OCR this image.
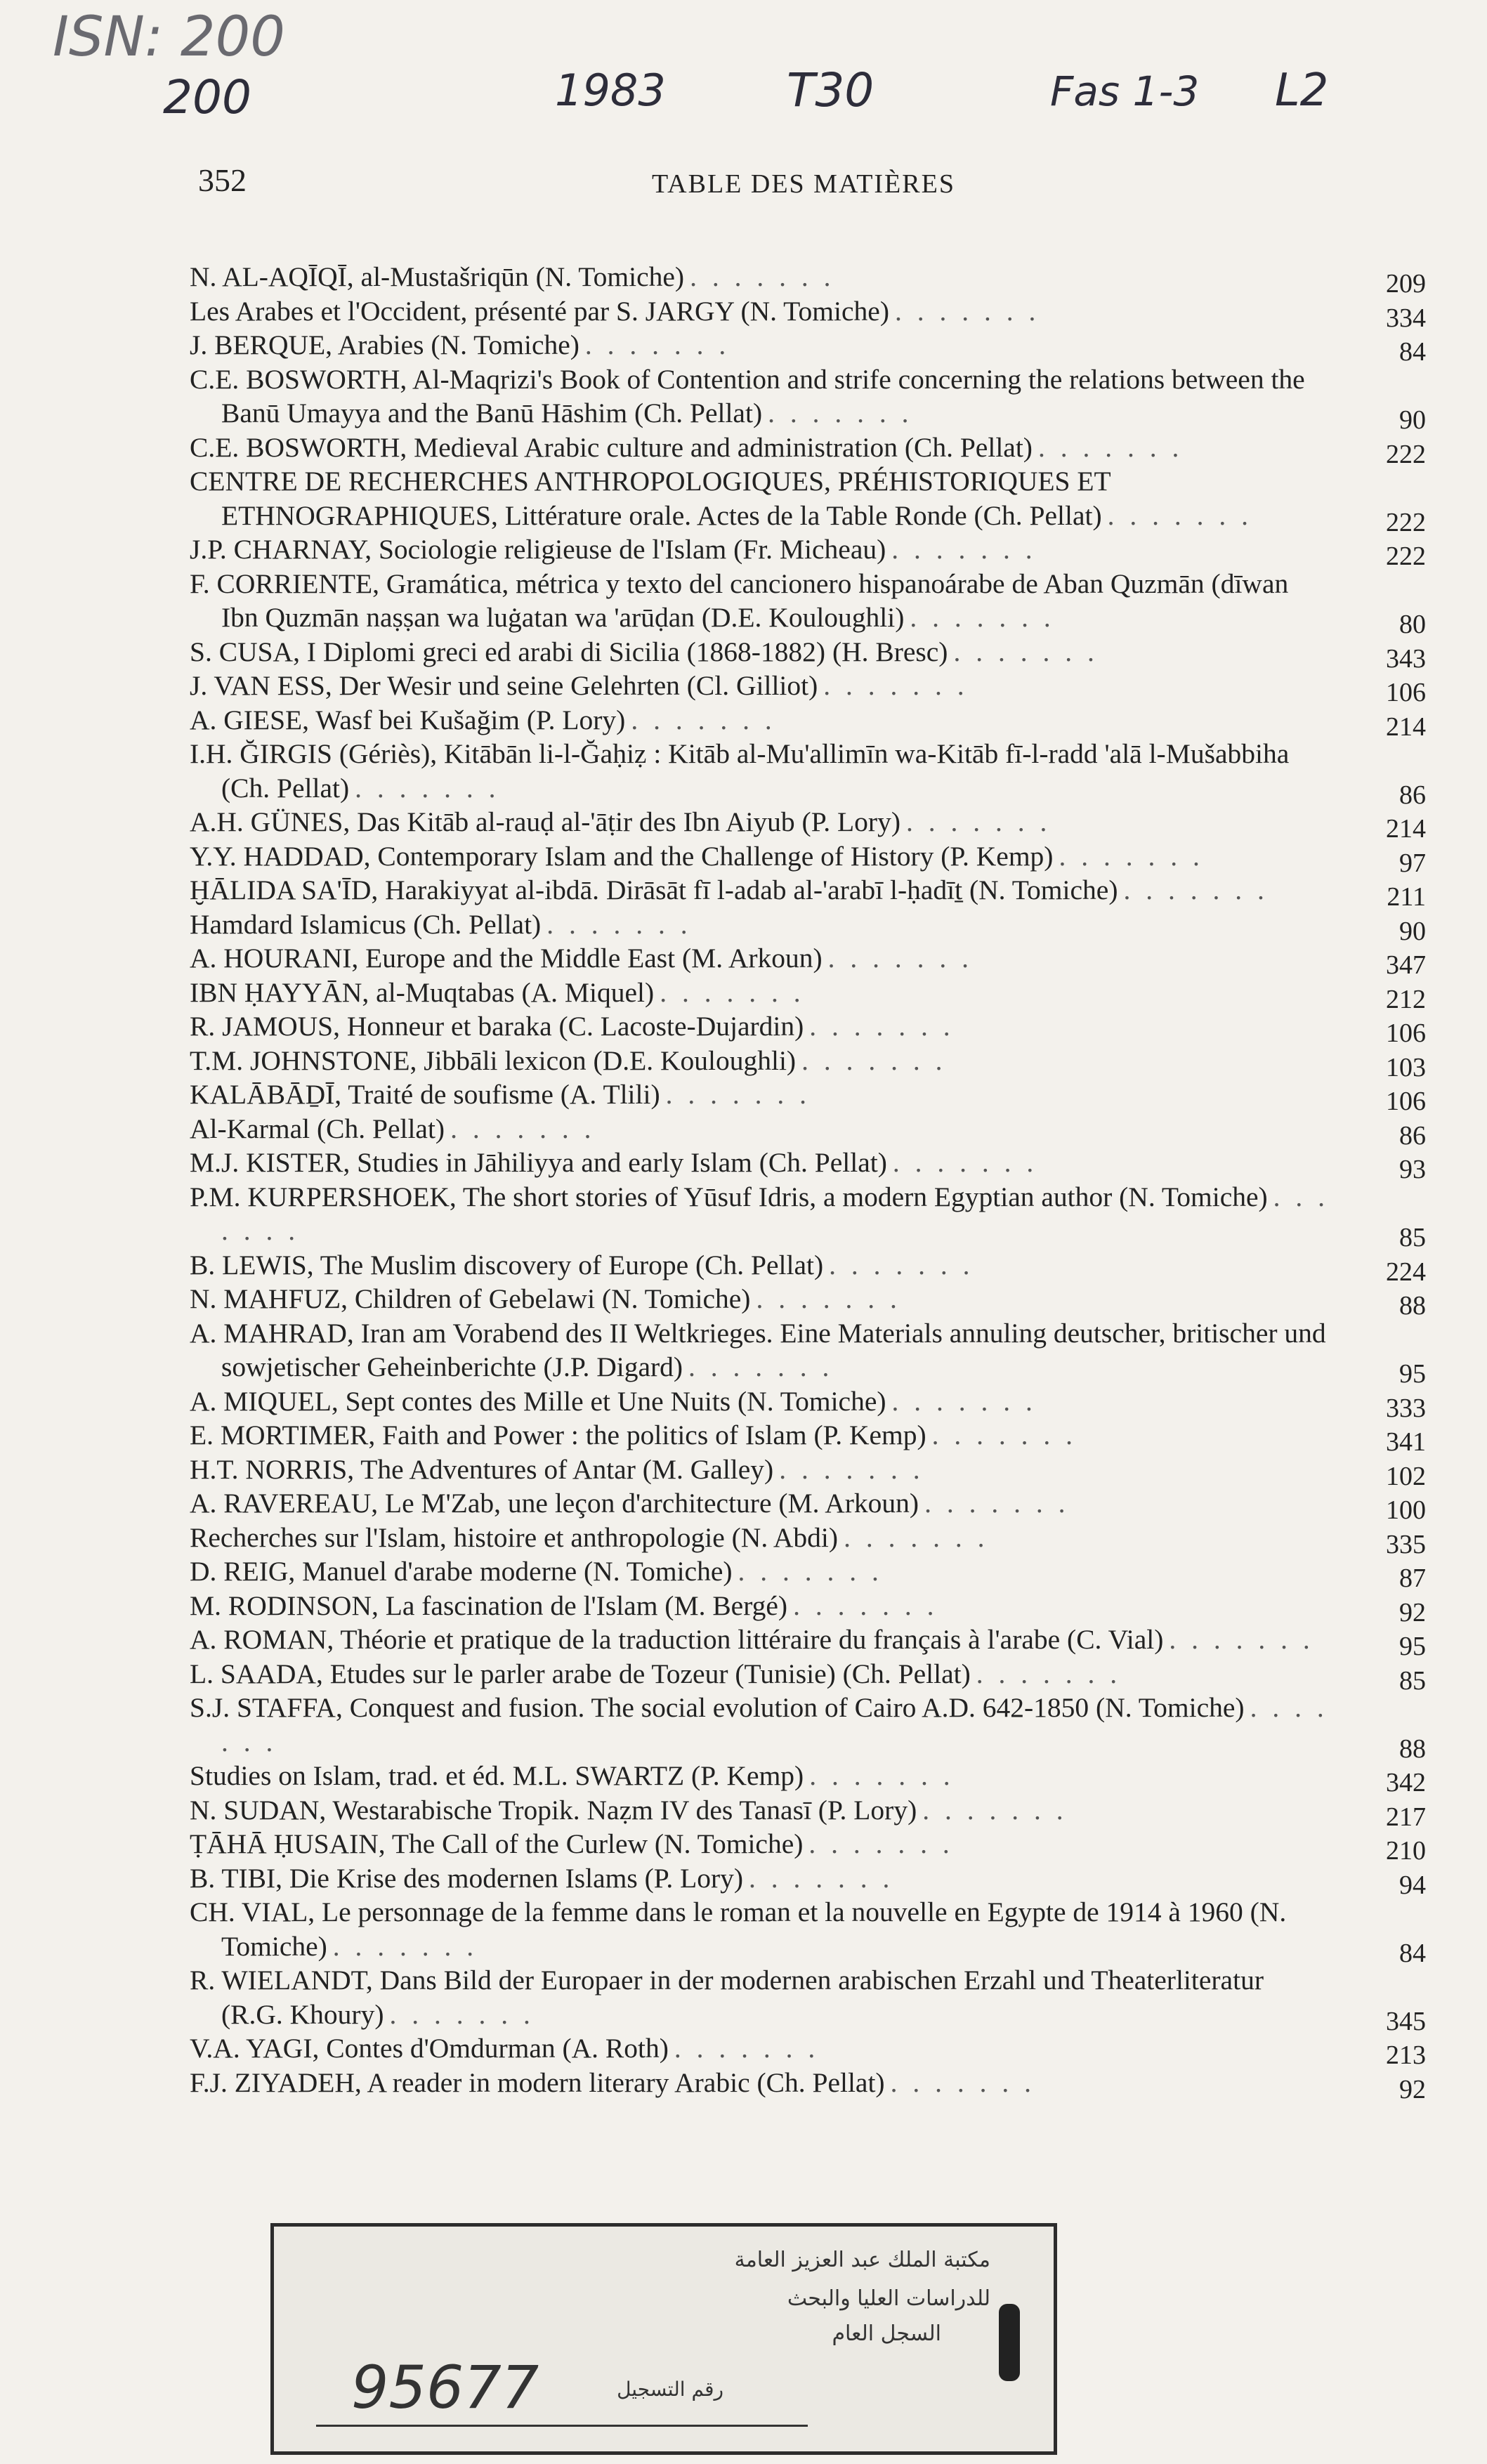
ISN: 200
200	1983	T30	Fas 1-3 L2
352	TABLE DES MATIÈRES
N. AL-AQĪQĪ, al-Mustašriqūn (N. Tomiche) . . . . . . .	209
Les Arabes et l'Occident, présenté par S. JARGY (N. Tomiche) . . . . . . .	334
J. BERQUE, Arabies (N. Tomiche) . . . . . . .	84
C.E. BOSWORTH, Al-Maqrizi's Book of Contention and strife concerning the relations between the Banū Umayya and the Banū Hāshim (Ch. Pellat) . . . . . . .	90
C.E. BOSWORTH, Medieval Arabic culture and administration (Ch. Pellat) . . . . . . .	222
CENTRE DE RECHERCHES ANTHROPOLOGIQUES, PRÉHISTORIQUES ET ETHNOGRAPHIQUES, Littérature orale. Actes de la Table Ronde (Ch. Pellat) . . . . . . .	222
J.P. CHARNAY, Sociologie religieuse de l'Islam (Fr. Micheau) . . . . . . .	222
F. CORRIENTE, Gramática, métrica y texto del cancionero hispanoárabe de Aban Quzmān (dīwan Ibn Quzmān naṣṣan wa luġatan wa 'arūḍan (D.E. Kouloughli) . . . . . . .	80
S. CUSA, I Diplomi greci ed arabi di Sicilia (1868-1882) (H. Bresc) . . . . . . .	343
J. VAN ESS, Der Wesir und seine Gelehrten (Cl. Gilliot) . . . . . . .	106
A. GIESE, Wasf bei Kušağim (P. Lory) . . . . . . .	214
I.H. ĞIRGIS (Gériès), Kitābān li-l-Ğaḥiẓ : Kitāb al-Mu'allimīn wa-Kitāb fī-l-radd 'alā l-Mušabbiha (Ch. Pellat) . . . . . . .	86
A.H. GÜNES, Das Kitāb al-rauḍ al-'āṭir des Ibn Aiyub (P. Lory) . . . . . . .	214
Y.Y. HADDAD, Contemporary Islam and the Challenge of History (P. Kemp) . . . . . . .	97
ḪĀLIDA SA'ĪD, Harakiyyat al-ibdā. Dirāsāt fī l-adab al-'arabī l-ḥadīṯ (N. Tomiche) . . . . . . .	211
Hamdard Islamicus (Ch. Pellat) . . . . . . .	90
A. HOURANI, Europe and the Middle East (M. Arkoun) . . . . . . .	347
IBN ḤAYYĀN, al-Muqtabas (A. Miquel) . . . . . . .	212
R. JAMOUS, Honneur et baraka (C. Lacoste-Dujardin) . . . . . . .	106
T.M. JOHNSTONE, Jibbāli lexicon (D.E. Kouloughli) . . . . . . .	103
KALĀBĀḎĪ, Traité de soufisme (A. Tlili) . . . . . . .	106
Al-Karmal (Ch. Pellat) . . . . . . .	86
M.J. KISTER, Studies in Jāhiliyya and early Islam (Ch. Pellat) . . . . . . .	93
P.M. KURPERSHOEK, The short stories of Yūsuf Idris, a modern Egyptian author (N. Tomiche) . . . . . . .	85
B. LEWIS, The Muslim discovery of Europe (Ch. Pellat) . . . . . . .	224
N. MAHFUZ, Children of Gebelawi (N. Tomiche) . . . . . . .	88
A. MAHRAD, Iran am Vorabend des II Weltkrieges. Eine Materials annuling deutscher, britischer und sowjetischer Geheinberichte (J.P. Digard) . . . . . . .	95
A. MIQUEL, Sept contes des Mille et Une Nuits (N. Tomiche) . . . . . . .	333
E. MORTIMER, Faith and Power : the politics of Islam (P. Kemp) . . . . . . .	341
H.T. NORRIS, The Adventures of Antar (M. Galley) . . . . . . .	102
A. RAVEREAU, Le M'Zab, une leçon d'architecture (M. Arkoun) . . . . . . .	100
Recherches sur l'Islam, histoire et anthropologie (N. Abdi) . . . . . . .	335
D. REIG, Manuel d'arabe moderne (N. Tomiche) . . . . . . .	87
M. RODINSON, La fascination de l'Islam (M. Bergé) . . . . . . .	92
A. ROMAN, Théorie et pratique de la traduction littéraire du français à l'arabe (C. Vial) . . . . . . .	95
L. SAADA, Etudes sur le parler arabe de Tozeur (Tunisie) (Ch. Pellat) . . . . . . .	85
S.J. STAFFA, Conquest and fusion. The social evolution of Cairo A.D. 642-1850 (N. Tomiche) . . . . . . .	88
Studies on Islam, trad. et éd. M.L. SWARTZ (P. Kemp) . . . . . . .	342
N. SUDAN, Westarabische Tropik. Naẓm IV des Tanasī (P. Lory) . . . . . . .	217
ṬĀHĀ ḤUSAIN, The Call of the Curlew (N. Tomiche) . . . . . . .	210
B. TIBI, Die Krise des modernen Islams (P. Lory) . . . . . . .	94
CH. VIAL, Le personnage de la femme dans le roman et la nouvelle en Egypte de 1914 à 1960 (N. Tomiche) . . . . . . .	84
R. WIELANDT, Dans Bild der Europaer in der modernen arabischen Erzahl und Theaterliteratur (R.G. Khoury) . . . . . . .	345
V.A. YAGI, Contes d'Omdurman (A. Roth) . . . . . . .	213
F.J. ZIYADEH, A reader in modern literary Arabic (Ch. Pellat) . . . . . . .	92
مكتبة الملك عبد العزيز العامة
للدراسات العليا والبحث
السجل العام
رقم التسجيل
95677
